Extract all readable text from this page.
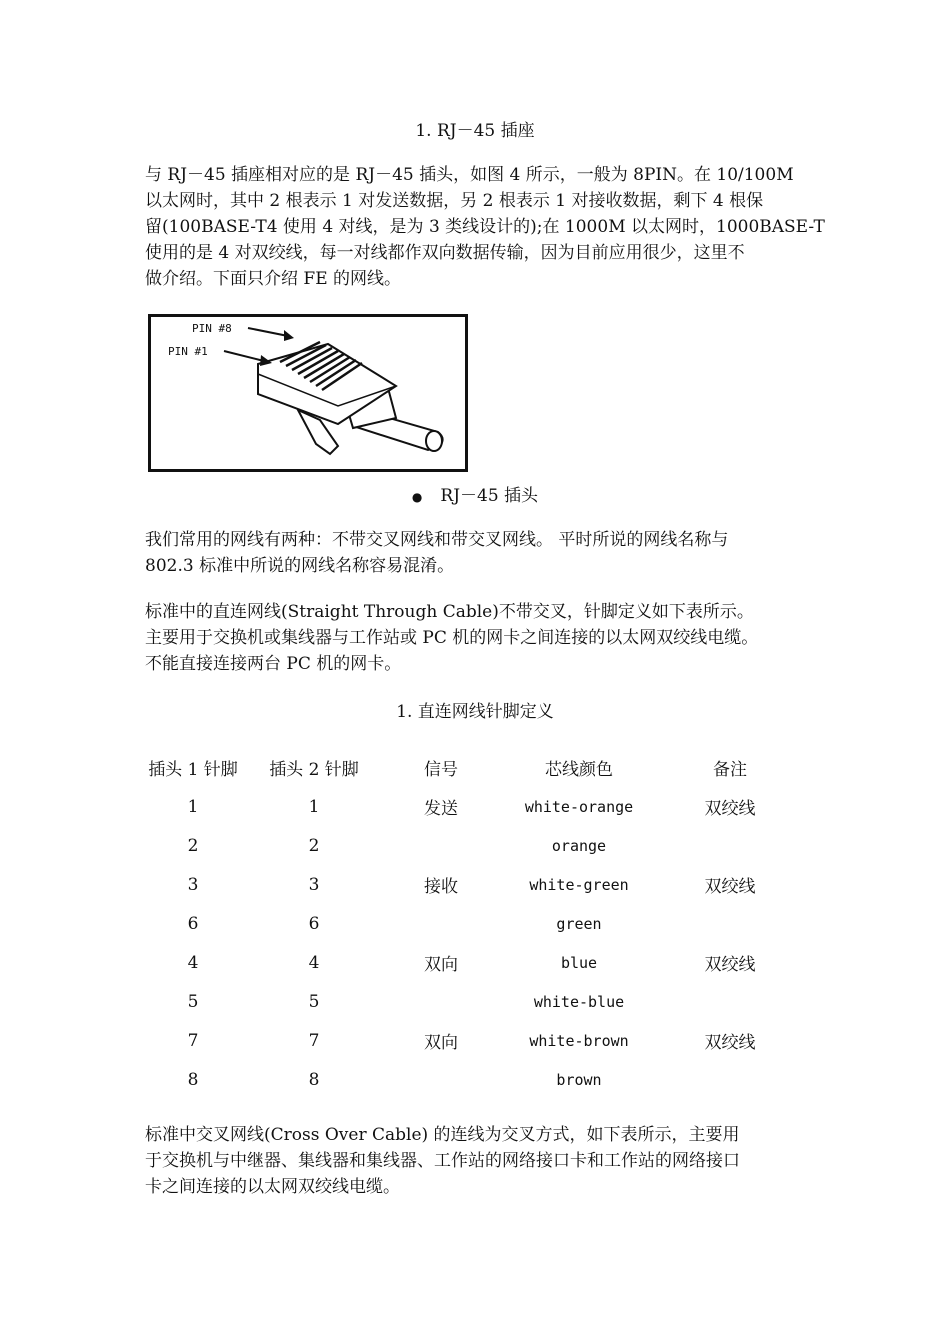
1. RJ－45 插座

与 RJ－45 插座相对应的是 RJ－45 插头，如图 4 所示，一般为 8PIN。在 10/100M

以太网时，其中 2 根表示 1 对发送数据，另 2 根表示 1 对接收数据，剩下 4 根保

留(100BASE-T4 使用 4 对线，是为 3 类线设计的);在 1000M 以太网时，1000BASE-T

使用的是 4 对双绞线，每一对线都作双向数据传输，因为目前应用很少，这里不

做介绍。下面只介绍 FE 的网线。

PIN #8
PIN #1
● RJ－45 插头

我们常用的网线有两种：不带交叉网线和带交叉网线。 平时所说的网线名称与

802.3 标准中所说的网线名称容易混淆。

标准中的直连网线(Straight Through Cable)不带交叉，针脚定义如下表所示。

主要用于交换机或集线器与工作站或 PC 机的网卡之间连接的以太网双绞线电缆。

不能直接连接两台 PC 机的网卡。

1. 直连网线针脚定义
插头 1 针脚	插头 2 针脚	信号	芯线颜色	备注
1	1	发送	white-orange	双绞线
2	2		orange	
3	3	接收	white-green	双绞线
6	6		green	
4	4	双向	blue	双绞线
5	5		white-blue	
7	7	双向	white-brown	双绞线
8	8		brown	

标准中交叉网线(Cross Over Cable) 的连线为交叉方式，如下表所示，主要用

于交换机与中继器、集线器和集线器、工作站的网络接口卡和工作站的网络接口

卡之间连接的以太网双绞线电缆。
